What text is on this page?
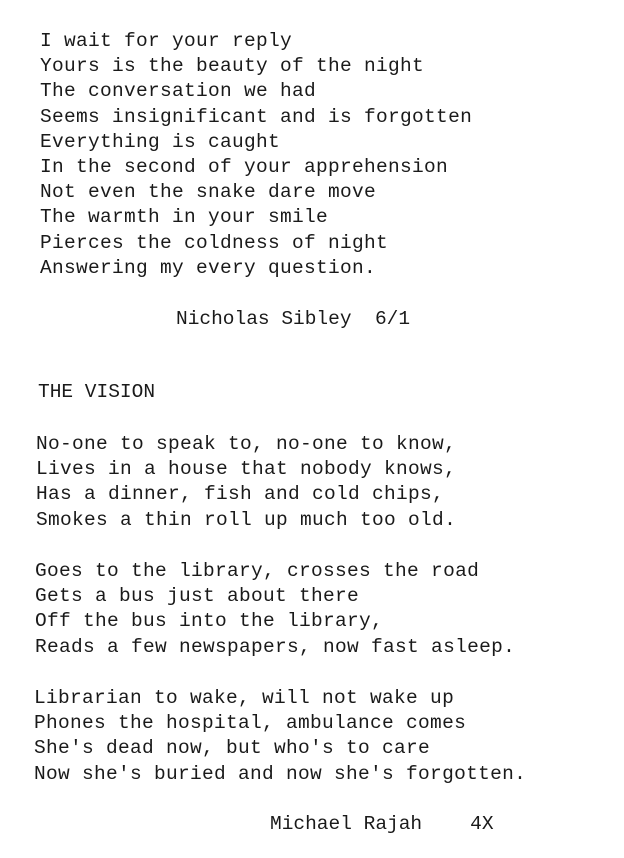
I wait for your reply
Yours is the beauty of the night
The conversation we had
Seems insignificant and is forgotten
Everything is caught
In the second of your apprehension
Not even the snake dare move
The warmth in your smile
Pierces the coldness of night
Answering my every question.
Nicholas Sibley 6/1
THE VISION
No-one to speak to, no-one to know,
Lives in a house that nobody knows,
Has a dinner, fish and cold chips,
Smokes a thin roll up much too old.
Goes to the library, crosses the road
Gets a bus just about there
Off the bus into the library,
Reads a few newspapers, now fast asleep.
Librarian to wake, will not wake up
Phones the hospital, ambulance comes
She's dead now, but who's to care
Now she's buried and now she's forgotten.
Michael Rajah 4X
